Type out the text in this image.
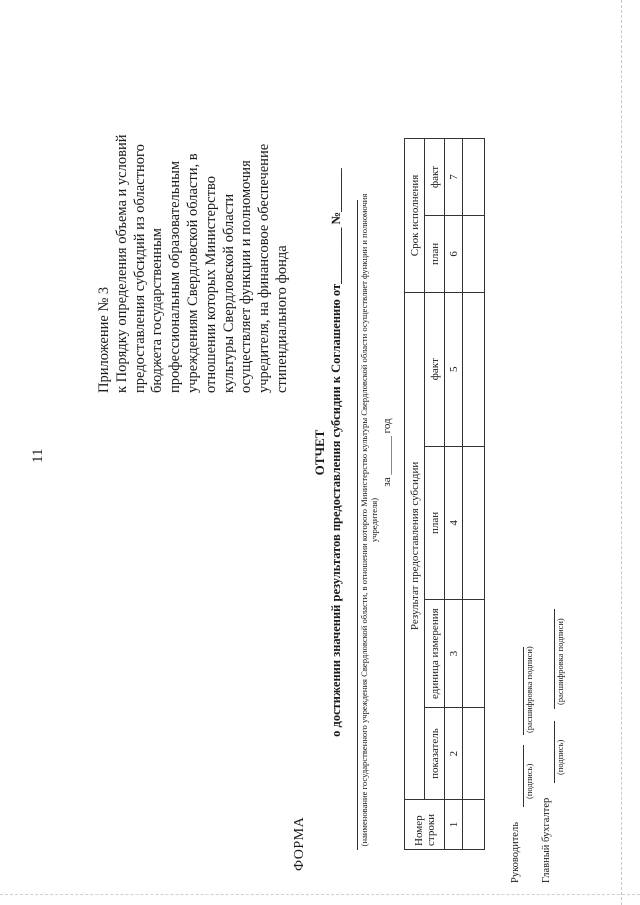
11
Приложение № 3 к Порядку определения объема и условий предоставления субсидий из областного бюджета государственным профессиональным образовательным учреждениям Свердловской области, в отношении которых Министерство культуры Свердловской области осуществляет функции и полномочия учредителя, на финансовое обеспечение стипендиального фонда
ФОРМА
ОТЧЕТ о достижении значений результатов предоставления субсидии к Соглашению от_________ №_______ (наименование государственного учреждения Свердловской области, в отношении которого Министерство культуры Свердловской области осуществляет функции и полномочия учредителя)
за _______ год
Номер строки	Результат предоставления субсидии				Срок исполнения	
	показатель	единица измерения	план	факт	план	факт
1	2	3	4	5	6	7

Руководитель
(подпись)
(расшифровка подписи)
Главный бухгалтер
(подпись)
(расшифровка подписи)
